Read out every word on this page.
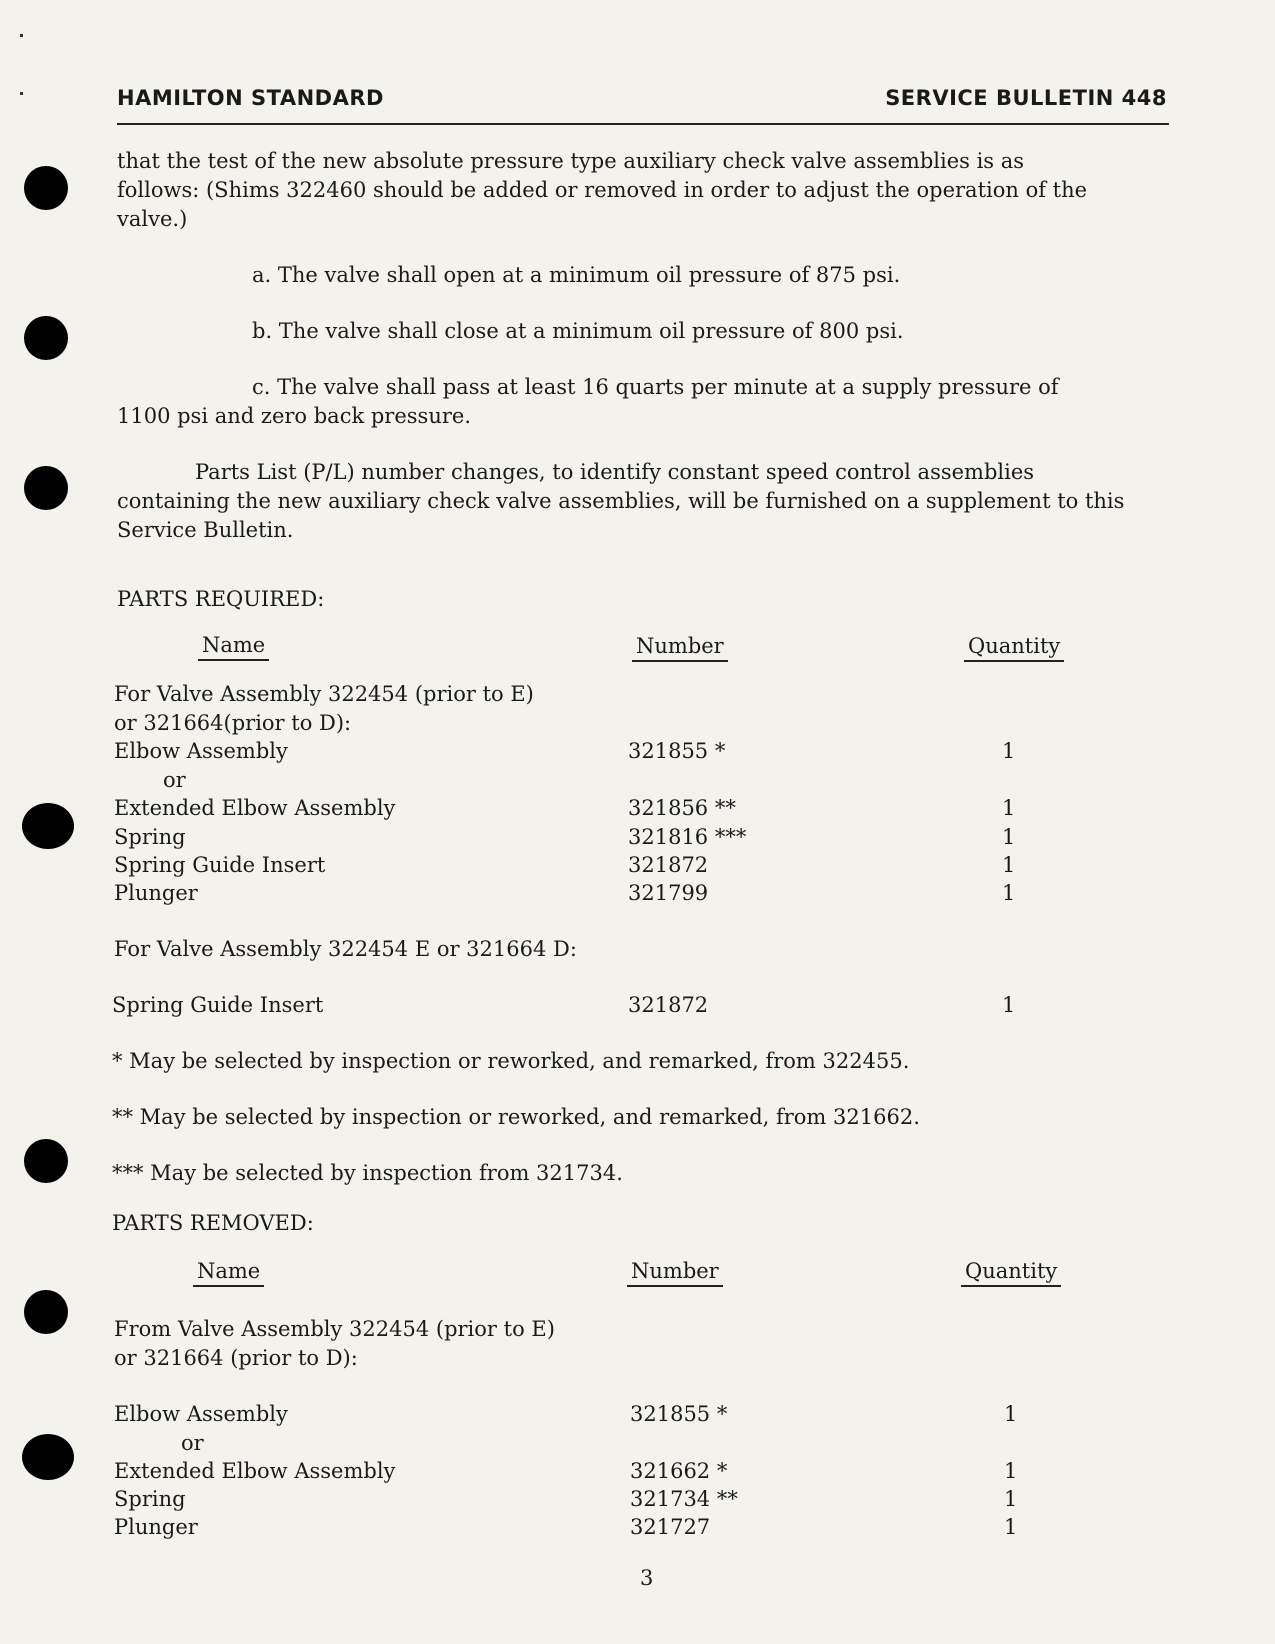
HAMILTON STANDARD	SERVICE BULLETIN 448
that the test of the new absolute pressure type auxiliary check valve assemblies is as
follows: (Shims 322460 should be added or removed in order to adjust the operation of the
valve.)
a. The valve shall open at a minimum oil pressure of 875 psi.
b. The valve shall close at a minimum oil pressure of 800 psi.
c. The valve shall pass at least 16 quarts per minute at a supply pressure of
1100 psi and zero back pressure.
Parts List (P/L) number changes, to identify constant speed control assemblies
containing the new auxiliary check valve assemblies, will be furnished on a supplement to this
Service Bulletin.
PARTS REQUIRED:
Name	Number	Quantity
For Valve Assembly 322454 (prior to E)
or 321664(prior to D):
Elbow Assembly	321855 *	1
or
Extended Elbow Assembly	321856 **	1
Spring	321816 ***	1
Spring Guide Insert	321872	1
Plunger	321799	1
For Valve Assembly 322454 E or 321664 D:
Spring Guide Insert	321872	1
* May be selected by inspection or reworked, and remarked, from 322455.
** May be selected by inspection or reworked, and remarked, from 321662.
*** May be selected by inspection from 321734.
PARTS REMOVED:
Name	Number	Quantity
From Valve Assembly 322454 (prior to E)
or 321664 (prior to D):
Elbow Assembly	321855 *	1
or
Extended Elbow Assembly	321662 *	1
Spring	321734 **	1
Plunger	321727	1
3
